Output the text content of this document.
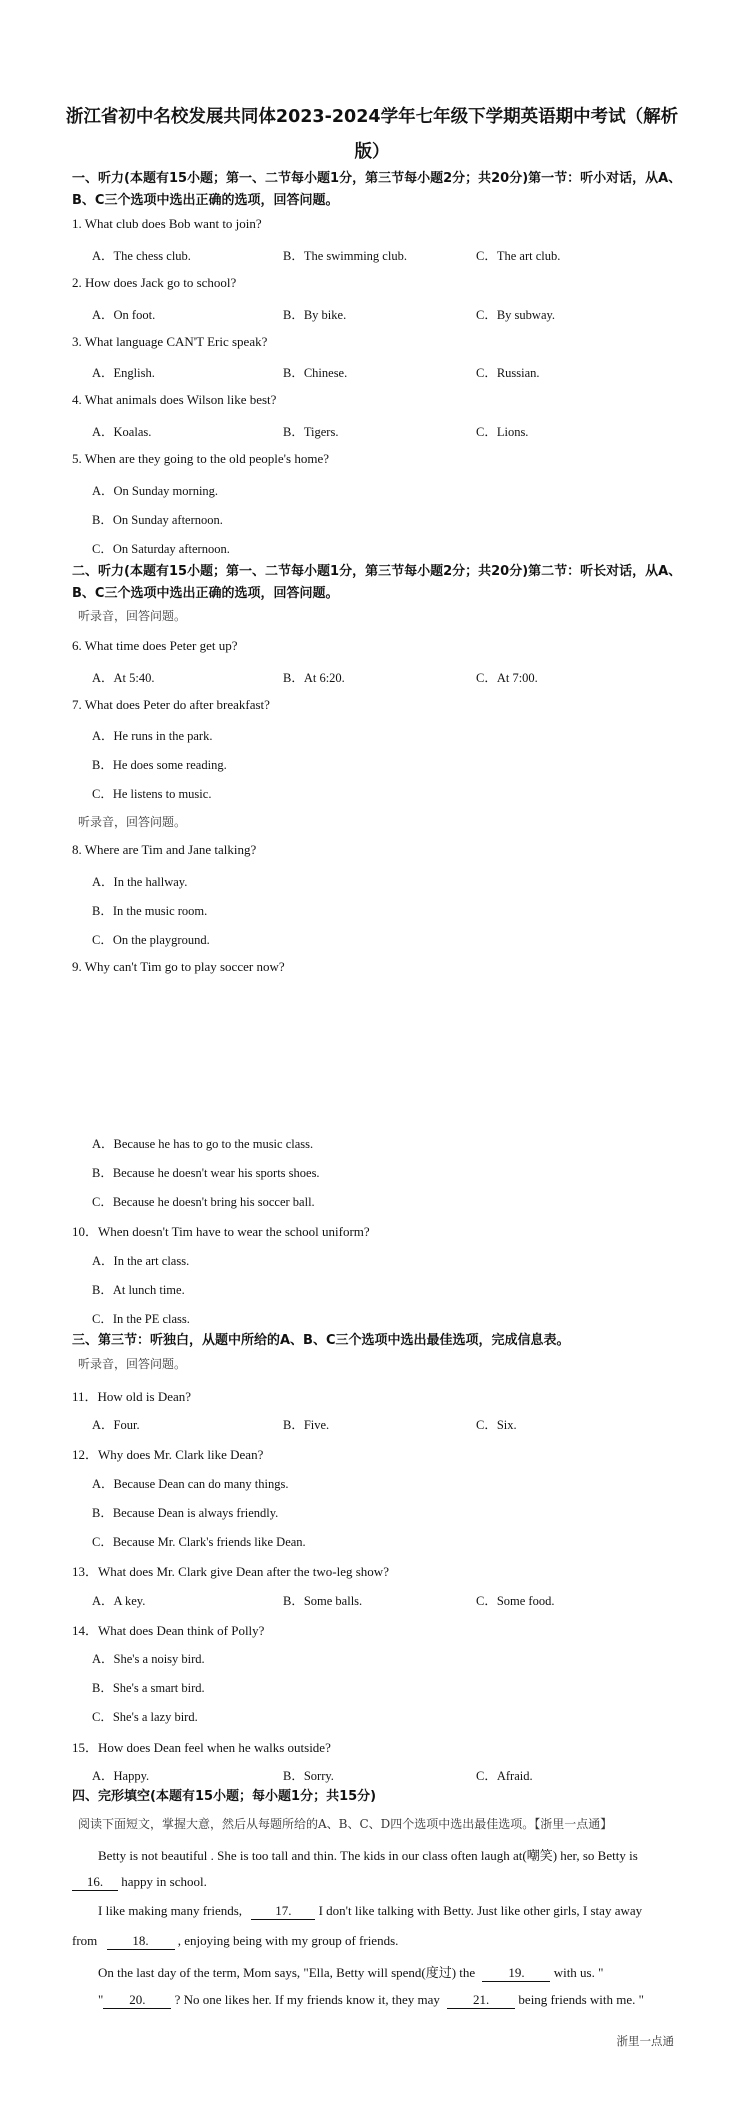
浙江省初中名校发展共同体2023-2024学年七年级下学期英语期中考试（解析
版）
一、听力(本题有15小题；第一、二节每小题1分，第三节每小题2分；共20分)第一节：听小对话，从A、B、C三个选项中选出正确的选项，回答问题。
1. What club does Bob want to join?
A．The chess club.	B．The swimming club.	C．The art club.
2. How does Jack go to school?
A．On foot.	B．By bike.	C．By subway.
3. What language CAN'T Eric speak?
A．English.	B．Chinese.	C．Russian.
4. What animals does Wilson like best?
A．Koalas.	B．Tigers.	C．Lions.
5. When are they going to the old people's home?
A．On Sunday morning.
B．On Sunday afternoon.
C．On Saturday afternoon.
二、听力(本题有15小题；第一、二节每小题1分，第三节每小题2分；共20分)第二节：听长对话，从A、B、C三个选项中选出正确的选项，回答问题。
听录音，回答问题。
6. What time does Peter get up?
A．At 5:40.	B．At 6:20.	C．At 7:00.
7. What does Peter do after breakfast?
A．He runs in the park.
B．He does some reading.
C．He listens to music.
听录音，回答问题。
8. Where are Tim and Jane talking?
A．In the hallway.
B．In the music room.
C．On the playground.
9. Why can't Tim go to play soccer now?
A．Because he has to go to the music class.
B．Because he doesn't wear his sports shoes.
C．Because he doesn't bring his soccer ball.
10．When doesn't Tim have to wear the school uniform?
A．In the art class.
B．At lunch time.
C．In the PE class.
三、第三节：听独白，从题中所给的A、B、C三个选项中选出最佳选项，完成信息表。
听录音，回答问题。
11．How old is Dean?
A．Four.	B．Five.	C．Six.
12．Why does Mr. Clark like Dean?
A．Because Dean can do many things.
B．Because Dean is always friendly.
C．Because Mr. Clark's friends like Dean.
13．What does Mr. Clark give Dean after the two-leg show?
A．A key.	B．Some balls.	C．Some food.
14．What does Dean think of Polly?
A．She's a noisy bird.
B．She's a smart bird.
C．She's a lazy bird.
15．How does Dean feel when he walks outside?
A．Happy.	B．Sorry.	C．Afraid.
四、完形填空(本题有15小题；每小题1分；共15分)
阅读下面短文，掌握大意，然后从每题所给的A、B、C、D四个选项中选出最佳选项。【浙里一点通】
Betty is not beautiful . She is too tall and thin. The kids in our class often laugh at(嘲笑) her, so Betty is
16. happy in school.
I like making many friends,	17. I don't like talking with Betty. Just like other girls, I stay away
from	18. , enjoying being with my group of friends.
On the last day of the term, Mom says, "Ella, Betty will spend(度过) the	19. with us. "
" 20. ? No one likes her. If my friends know it, they may	21. being friends with me. "
浙里一点通
